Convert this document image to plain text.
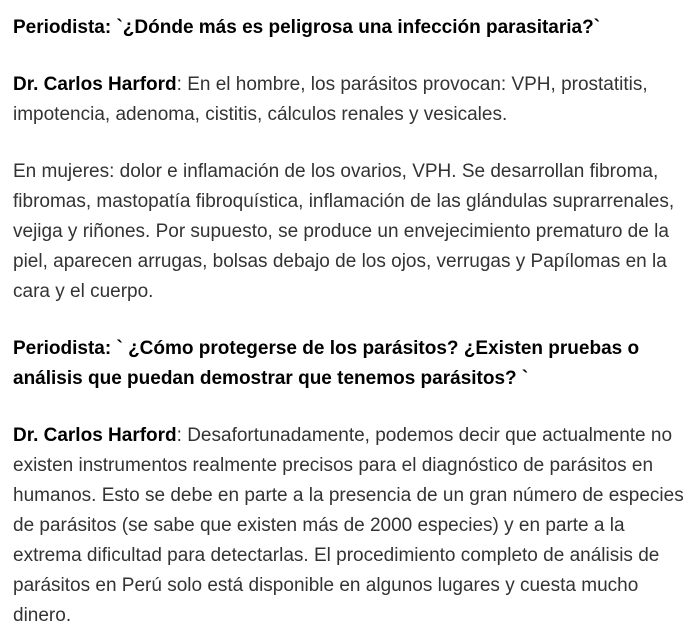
Periodista: `¿Dónde más es peligrosa una infección parasitaria?`

Dr. Carlos Harford: En el hombre, los parásitos provocan: VPH, prostatitis, impotencia, adenoma, cistitis, cálculos renales y vesicales.

En mujeres: dolor e inflamación de los ovarios, VPH. Se desarrollan fibroma, fibromas, mastopatía fibroquística, inflamación de las glándulas suprarrenales, vejiga y riñones. Por supuesto, se produce un envejecimiento prematuro de la piel, aparecen arrugas, bolsas debajo de los ojos, verrugas y Papílomas en la cara y el cuerpo.

Periodista: ` ¿Cómo protegerse de los parásitos? ¿Existen pruebas o análisis que puedan demostrar que tenemos parásitos? `

Dr. Carlos Harford: Desafortunadamente, podemos decir que actualmente no existen instrumentos realmente precisos para el diagnóstico de parásitos en humanos. Esto se debe en parte a la presencia de un gran número de especies de parásitos (se sabe que existen más de 2000 especies) y en parte a la extrema dificultad para detectarlas. El procedimiento completo de análisis de parásitos en Perú solo está disponible en algunos lugares y cuesta mucho dinero.
